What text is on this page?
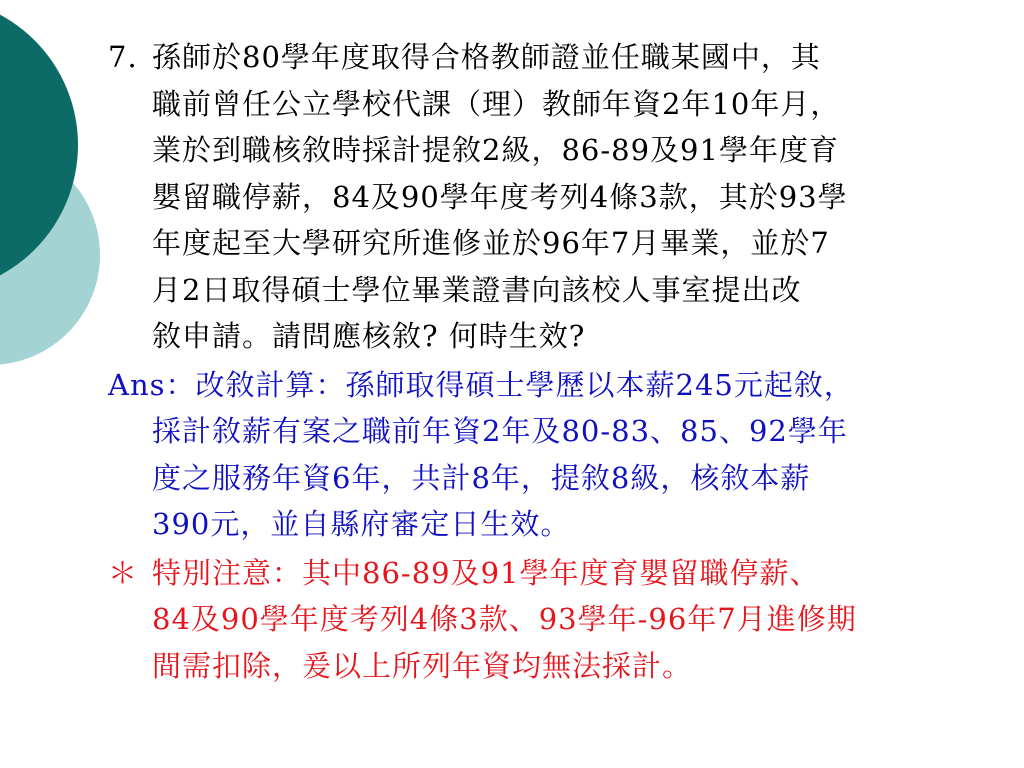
7. 孫師於80學年度取得合格教師證並任職某國中，其
職前曾任公立學校代課（理）教師年資2年10年月，
業於到職核敘時採計提敘2級，86-89及91學年度育
嬰留職停薪，84及90學年度考列4條3款，其於93學
年度起至大學研究所進修並於96年7月畢業，並於7
月2日取得碩士學位畢業證書向該校人事室提出改
敘申請。請問應核敘? 何時生效?
Ans：改敘計算：孫師取得碩士學歷以本薪245元起敘，
採計敘薪有案之職前年資2年及80-83、85、92學年
度之服務年資6年，共計8年，提敘8級，核敘本薪
390元，並自縣府審定日生效。
＊ 特別注意：其中86-89及91學年度育嬰留職停薪、
84及90學年度考列4條3款、93學年-96年7月進修期
間需扣除，爰以上所列年資均無法採計。
